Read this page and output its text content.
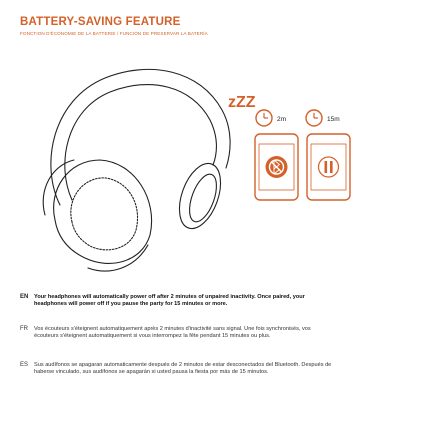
BATTERY-SAVING FEATURE
FONCTION D'ÉCONOMIE DE LA BATTERIE / FUNCIÓN DE PRESERVAR LA BATERÍA
zZZ
2m	15m
EN Your headphones will automatically power off after 2 minutes of unpaired inactivity. Once paired, your headphones will power off if you pause the party for 15 minutes or more.
FR Vos écouteurs s'éteignent automatiquement après 2 minutes d'inactivité sans signal. Une fois synchronisés, vos écouteurs s'éteignent automatiquement si vous interrompez la fête pendant 15 minutes ou plus.
ES Sus audífonos se apagaran automaticamente después de 2 minutos de estar desconectados del Bluetooth. Después de haberse vinculado, sus audífonos se apagarán si usted pausa la fiesta por más de 15 minutos.
